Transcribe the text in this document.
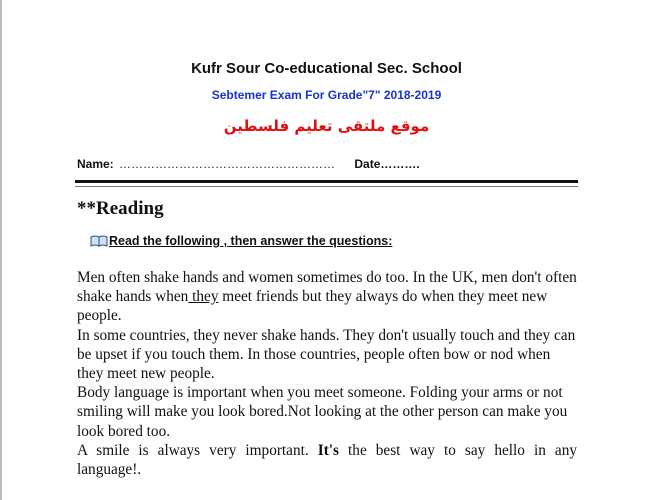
Kufr Sour Co-educational Sec. School
Sebtemer Exam For Grade"7" 2018-2019
موقع ملتقى تعليم فلسطين
Name: ……………………………………………… Date……….
**Reading
Read the following , then answer the questions:

Men often shake hands and women sometimes do too. In the UK, men don't often shake hands when they meet friends but they always do when they meet new people.

In some countries, they never shake hands. They don't usually touch and they can be upset if you touch them. In those countries, people often bow or nod when they meet new people.

Body language is important when you meet someone. Folding your arms or not smiling will make you look bored.Not looking at the other person can make you look bored too.

A smile is always very important. It's the best way to say hello in any

language!.
